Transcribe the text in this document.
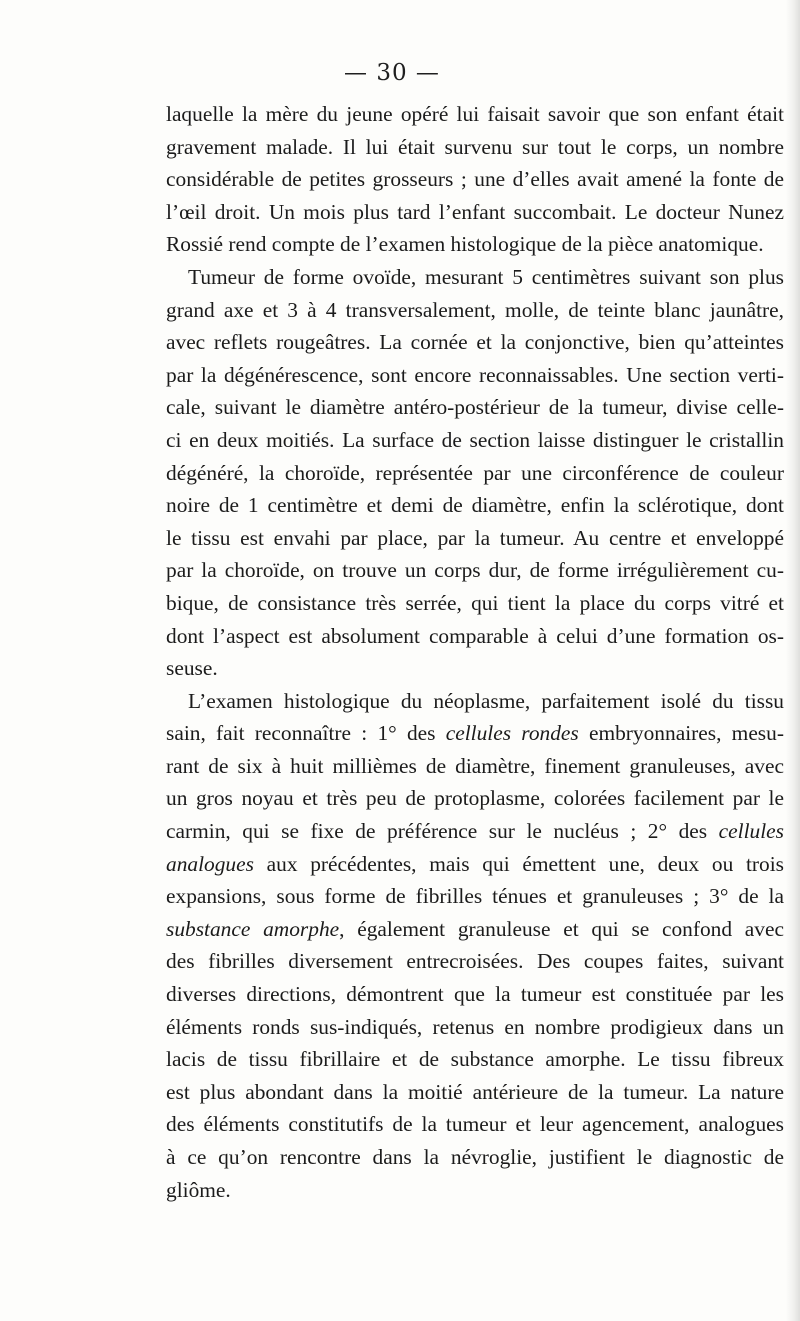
— 30 —
laquelle la mère du jeune opéré lui faisait savoir que son enfant était
gravement malade. Il lui était survenu sur tout le corps, un nombre
considérable de petites grosseurs ; une d’elles avait amené la fonte de
l’œil droit. Un mois plus tard l’enfant succombait. Le docteur Nunez
Rossié rend compte de l’examen histologique de la pièce anatomique.
Tumeur de forme ovoïde, mesurant 5 centimètres suivant son plus
grand axe et 3 à 4 transversalement, molle, de teinte blanc jaunâtre,
avec reflets rougeâtres. La cornée et la conjonctive, bien qu’atteintes
par la dégénérescence, sont encore reconnaissables. Une section verti-
cale, suivant le diamètre antéro-postérieur de la tumeur, divise celle-
ci en deux moitiés. La surface de section laisse distinguer le cristallin
dégénéré, la choroïde, représentée par une circonférence de couleur
noire de 1 centimètre et demi de diamètre, enfin la sclérotique, dont
le tissu est envahi par place, par la tumeur. Au centre et enveloppé
par la choroïde, on trouve un corps dur, de forme irrégulièrement cu-
bique, de consistance très serrée, qui tient la place du corps vitré et
dont l’aspect est absolument comparable à celui d’une formation os-
seuse.
L’examen histologique du néoplasme, parfaitement isolé du tissu
sain, fait reconnaître : 1° des cellules rondes embryonnaires, mesu-
rant de six à huit millièmes de diamètre, finement granuleuses, avec
un gros noyau et très peu de protoplasme, colorées facilement par le
carmin, qui se fixe de préférence sur le nucléus ; 2° des cellules
analogues aux précédentes, mais qui émettent une, deux ou trois
expansions, sous forme de fibrilles ténues et granuleuses ; 3° de la
substance amorphe, également granuleuse et qui se confond avec
des fibrilles diversement entrecroisées. Des coupes faites, suivant
diverses directions, démontrent que la tumeur est constituée par les
éléments ronds sus-indiqués, retenus en nombre prodigieux dans un
lacis de tissu fibrillaire et de substance amorphe. Le tissu fibreux
est plus abondant dans la moitié antérieure de la tumeur. La nature
des éléments constitutifs de la tumeur et leur agencement, analogues
à ce qu’on rencontre dans la névroglie, justifient le diagnostic de
gliôme.
